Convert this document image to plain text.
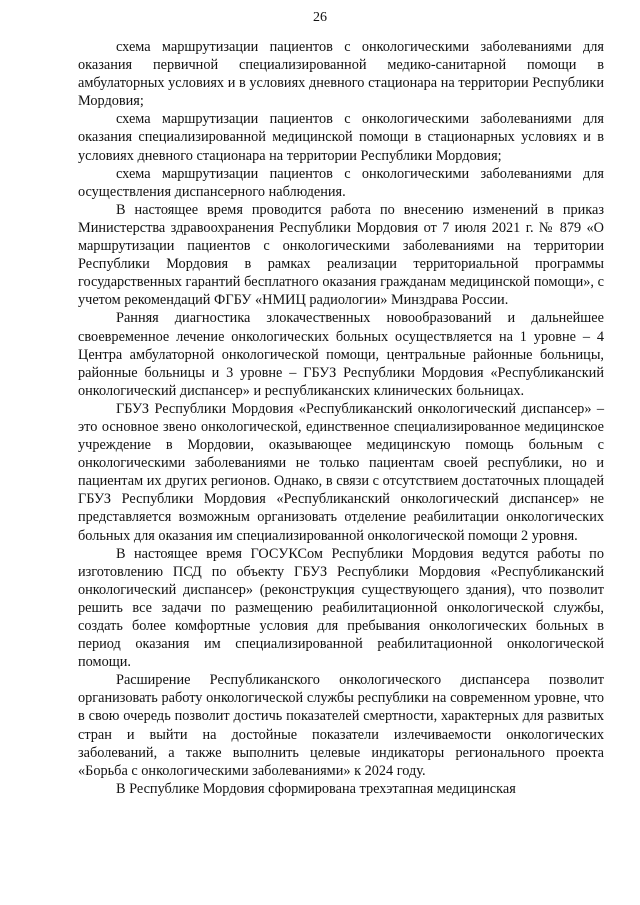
26

схема маршрутизации пациентов с онкологическими заболеваниями для оказания первичной специализированной медико-санитарной помощи в амбулаторных условиях и в условиях дневного стационара на территории Республики Мордовия;

схема маршрутизации пациентов с онкологическими заболеваниями для оказания специализированной медицинской помощи в стационарных условиях и в условиях дневного стационара на территории Республики Мордовия;

схема маршрутизации пациентов с онкологическими заболеваниями для осуществления диспансерного наблюдения.

В настоящее время проводится работа по внесению изменений в приказ Министерства здравоохранения Республики Мордовия от 7 июля 2021 г. № 879 «О маршрутизации пациентов с онкологическими заболеваниями на территории Республики Мордовия в рамках реализации территориальной программы государственных гарантий бесплатного оказания гражданам медицинской помощи», с учетом рекомендаций ФГБУ «НМИЦ радиологии» Минздрава России.

Ранняя диагностика злокачественных новообразований и дальнейшее своевременное лечение онкологических больных осуществляется на 1 уровне – 4 Центра амбулаторной онкологической помощи, центральные районные больницы, районные больницы и 3 уровне – ГБУЗ Республики Мордовия «Республиканский онкологический диспансер» и республиканских клинических больницах.

ГБУЗ Республики Мордовия «Республиканский онкологический диспансер» – это основное звено онкологической, единственное специализированное медицинское учреждение в Мордовии, оказывающее медицинскую помощь больным с онкологическими заболеваниями не только пациентам своей республики, но и пациентам их других регионов. Однако, в связи с отсутствием достаточных площадей ГБУЗ Республики Мордовия «Республиканский онкологический диспансер» не представляется возможным организовать отделение реабилитации онкологических больных для оказания им специализированной онкологической помощи 2 уровня.

В настоящее время ГОСУКСом Республики Мордовия ведутся работы по изготовлению ПСД по объекту ГБУЗ Республики Мордовия «Республиканский онкологический диспансер» (реконструкция существующего здания), что позволит решить все задачи по размещению реабилитационной онкологической службы, создать более комфортные условия для пребывания онкологических больных в период оказания им специализированной реабилитационной онкологической помощи.

Расширение Республиканского онкологического диспансера позволит организовать работу онкологической службы республики на современном уровне, что в свою очередь позволит достичь показателей смертности, характерных для развитых стран и выйти на достойные показатели излечиваемости онкологических заболеваний, а также выполнить целевые индикаторы регионального проекта «Борьба с онкологическими заболеваниями» к 2024 году.

В Республике Мордовия сформирована трехэтапная медицинская
